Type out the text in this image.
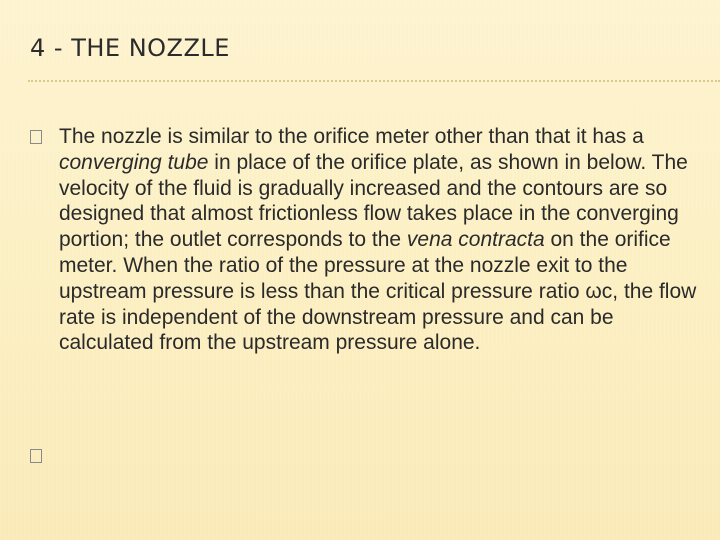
4 - THE NOZZLE

The nozzle is similar to the orifice meter other than that it has a converging tube in place of the orifice plate, as shown in below. The velocity of the fluid is gradually increased and the contours are so designed that almost frictionless flow takes place in the converging portion; the outlet corresponds to the vena contracta on the orifice meter. When the ratio of the pressure at the nozzle exit to the upstream pressure is less than the critical pressure ratio ωc, the flow rate is independent of the downstream pressure and can be calculated from the upstream pressure alone.
